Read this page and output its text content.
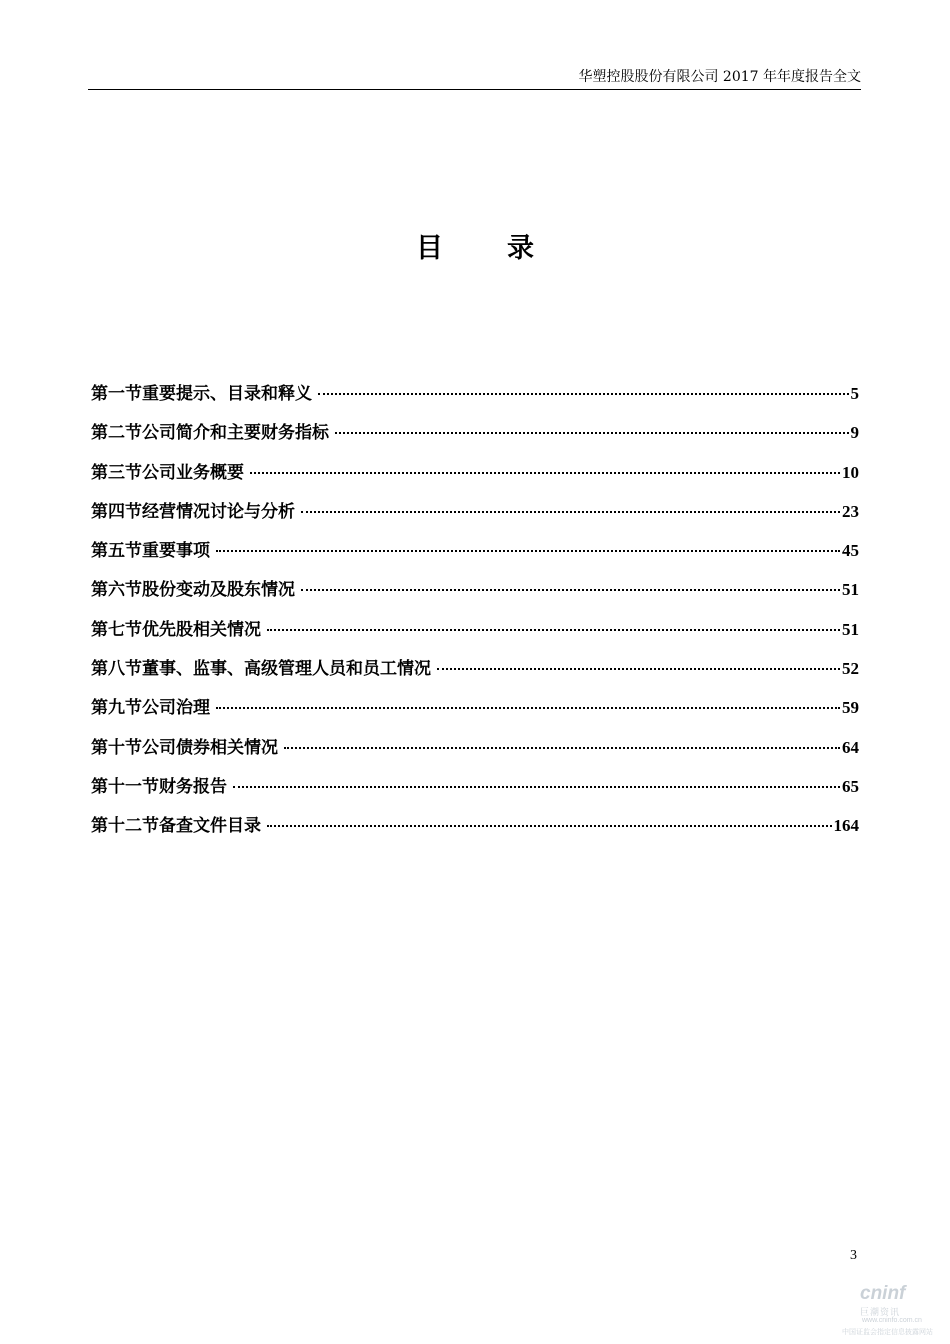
华塑控股股份有限公司 2017 年年度报告全文
目 录
第一节重要提示、目录和释义	5
第二节公司简介和主要财务指标	9
第三节公司业务概要	10
第四节经营情况讨论与分析	23
第五节重要事项	45
第六节股份变动及股东情况	51
第七节优先股相关情况	51
第八节董事、监事、高级管理人员和员工情况	52
第九节公司治理	59
第十节公司债券相关情况	64
第十一节财务报告	65
第十二节备查文件目录	164
3
cninf
巨潮资讯
www.cninfo.com.cn
中国证监会指定信息披露网站
